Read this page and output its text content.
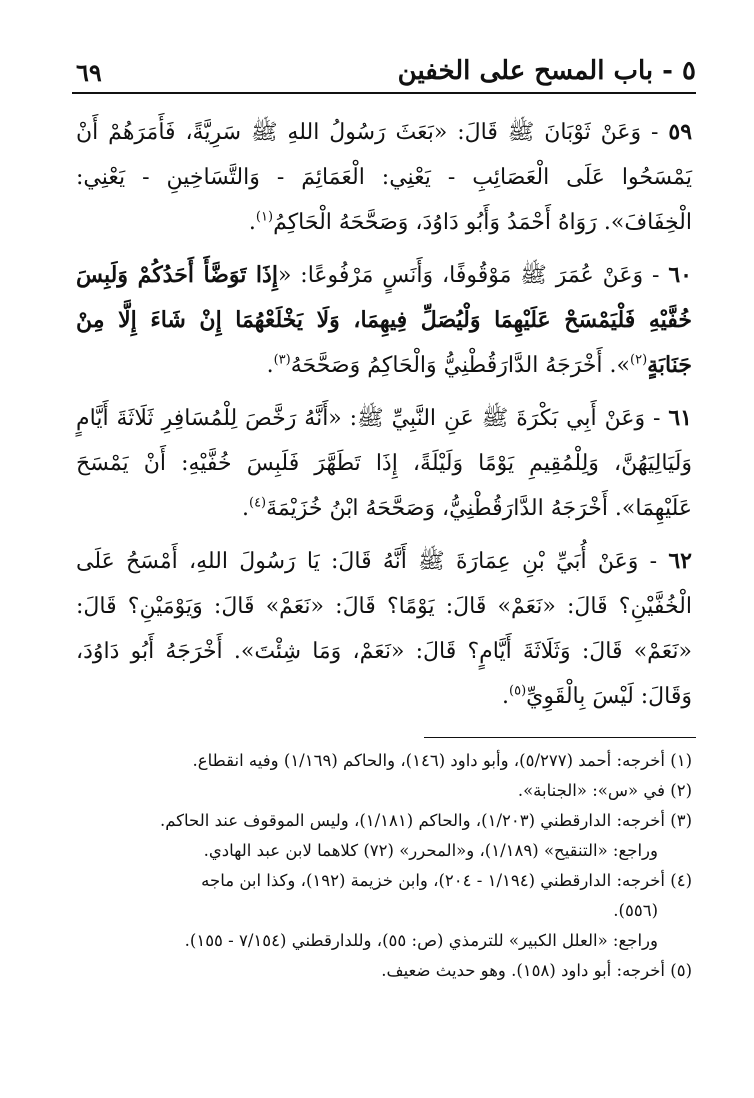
٥ - باب المسح على الخفين
٦٩

٥٩ - وَعَنْ ثَوْبَانَ ﷺ قَالَ: «بَعَثَ رَسُولُ اللهِ ﷺ سَرِيَّةً، فَأَمَرَهُمْ أَنْ يَمْسَحُوا عَلَى الْعَصَائِبِ - يَعْنِي: الْعَمَائِمَ - وَالتَّسَاخِينِ - يَعْنِي: الْخِفَافَ». رَوَاهُ أَحْمَدُ وَأَبُو دَاوُدَ، وَصَحَّحَهُ الْحَاكِمُ$^{(١)}$.

٦٠ - وَعَنْ عُمَرَ ﷺ مَوْقُوفًا، وَأَنَسٍ مَرْفُوعًا: «إِذَا تَوَضَّأَ أَحَدُكُمْ وَلَبِسَ خُفَّيْهِ فَلْيَمْسَحْ عَلَيْهِمَا وَلْيُصَلِّ فِيهِمَا، وَلَا يَخْلَعْهُمَا إِنْ شَاءَ إِلَّا مِنْ جَنَابَةٍ$^{(٢)}$». أَخْرَجَهُ الدَّارَقُطْنِيُّ وَالْحَاكِمُ وَصَحَّحَهُ$^{(٣)}$.

٦١ - وَعَنْ أَبِي بَكْرَةَ ﷺ عَنِ النَّبِيِّ ﷺ: «أَنَّهُ رَخَّصَ لِلْمُسَافِرِ ثَلَاثَةَ أَيَّامٍ وَلَيَالِيَهُنَّ، وَلِلْمُقِيمِ يَوْمًا وَلَيْلَةً، إِذَا تَطَهَّرَ فَلَبِسَ خُفَّيْهِ: أَنْ يَمْسَحَ عَلَيْهِمَا». أَخْرَجَهُ الدَّارَقُطْنِيُّ، وَصَحَّحَهُ ابْنُ خُزَيْمَةَ$^{(٤)}$.

٦٢ - وَعَنْ أُبَيِّ بْنِ عِمَارَةَ ﷺ أَنَّهُ قَالَ: يَا رَسُولَ اللهِ، أَمْسَحُ عَلَى الْخُفَّيْنِ؟ قَالَ: «نَعَمْ» قَالَ: يَوْمًا؟ قَالَ: «نَعَمْ» قَالَ: وَيَوْمَيْنِ؟ قَالَ: «نَعَمْ» قَالَ: وَثَلَاثَةَ أَيَّامٍ؟ قَالَ: «نَعَمْ، وَمَا شِئْتَ». أَخْرَجَهُ أَبُو دَاوُدَ، وَقَالَ: لَيْسَ بِالْقَوِيِّ$^{(٥)}$.

(١) أخرجه: أحمد (٥/٢٧٧)، وأبو داود (١٤٦)، والحاكم (١/١٦٩) وفيه انقطاع.

(٢) في «س»: «الجنابة».

(٣) أخرجه: الدارقطني (١/٢٠٣)، والحاكم (١/١٨١)، وليس الموقوف عند الحاكم.

وراجع: «التنقيح» (١/١٨٩)، و«المحرر» (٧٢) كلاهما لابن عبد الهادي.

(٤) أخرجه: الدارقطني (١/١٩٤ - ٢٠٤)، وابن خزيمة (١٩٢)، وكذا ابن ماجه
(٥٥٦).

وراجع: «العلل الكبير» للترمذي (ص: ٥٥)، وللدارقطني (٧/١٥٤ - ١٥٥).

(٥) أخرجه: أبو داود (١٥٨). وهو حديث ضعيف.
